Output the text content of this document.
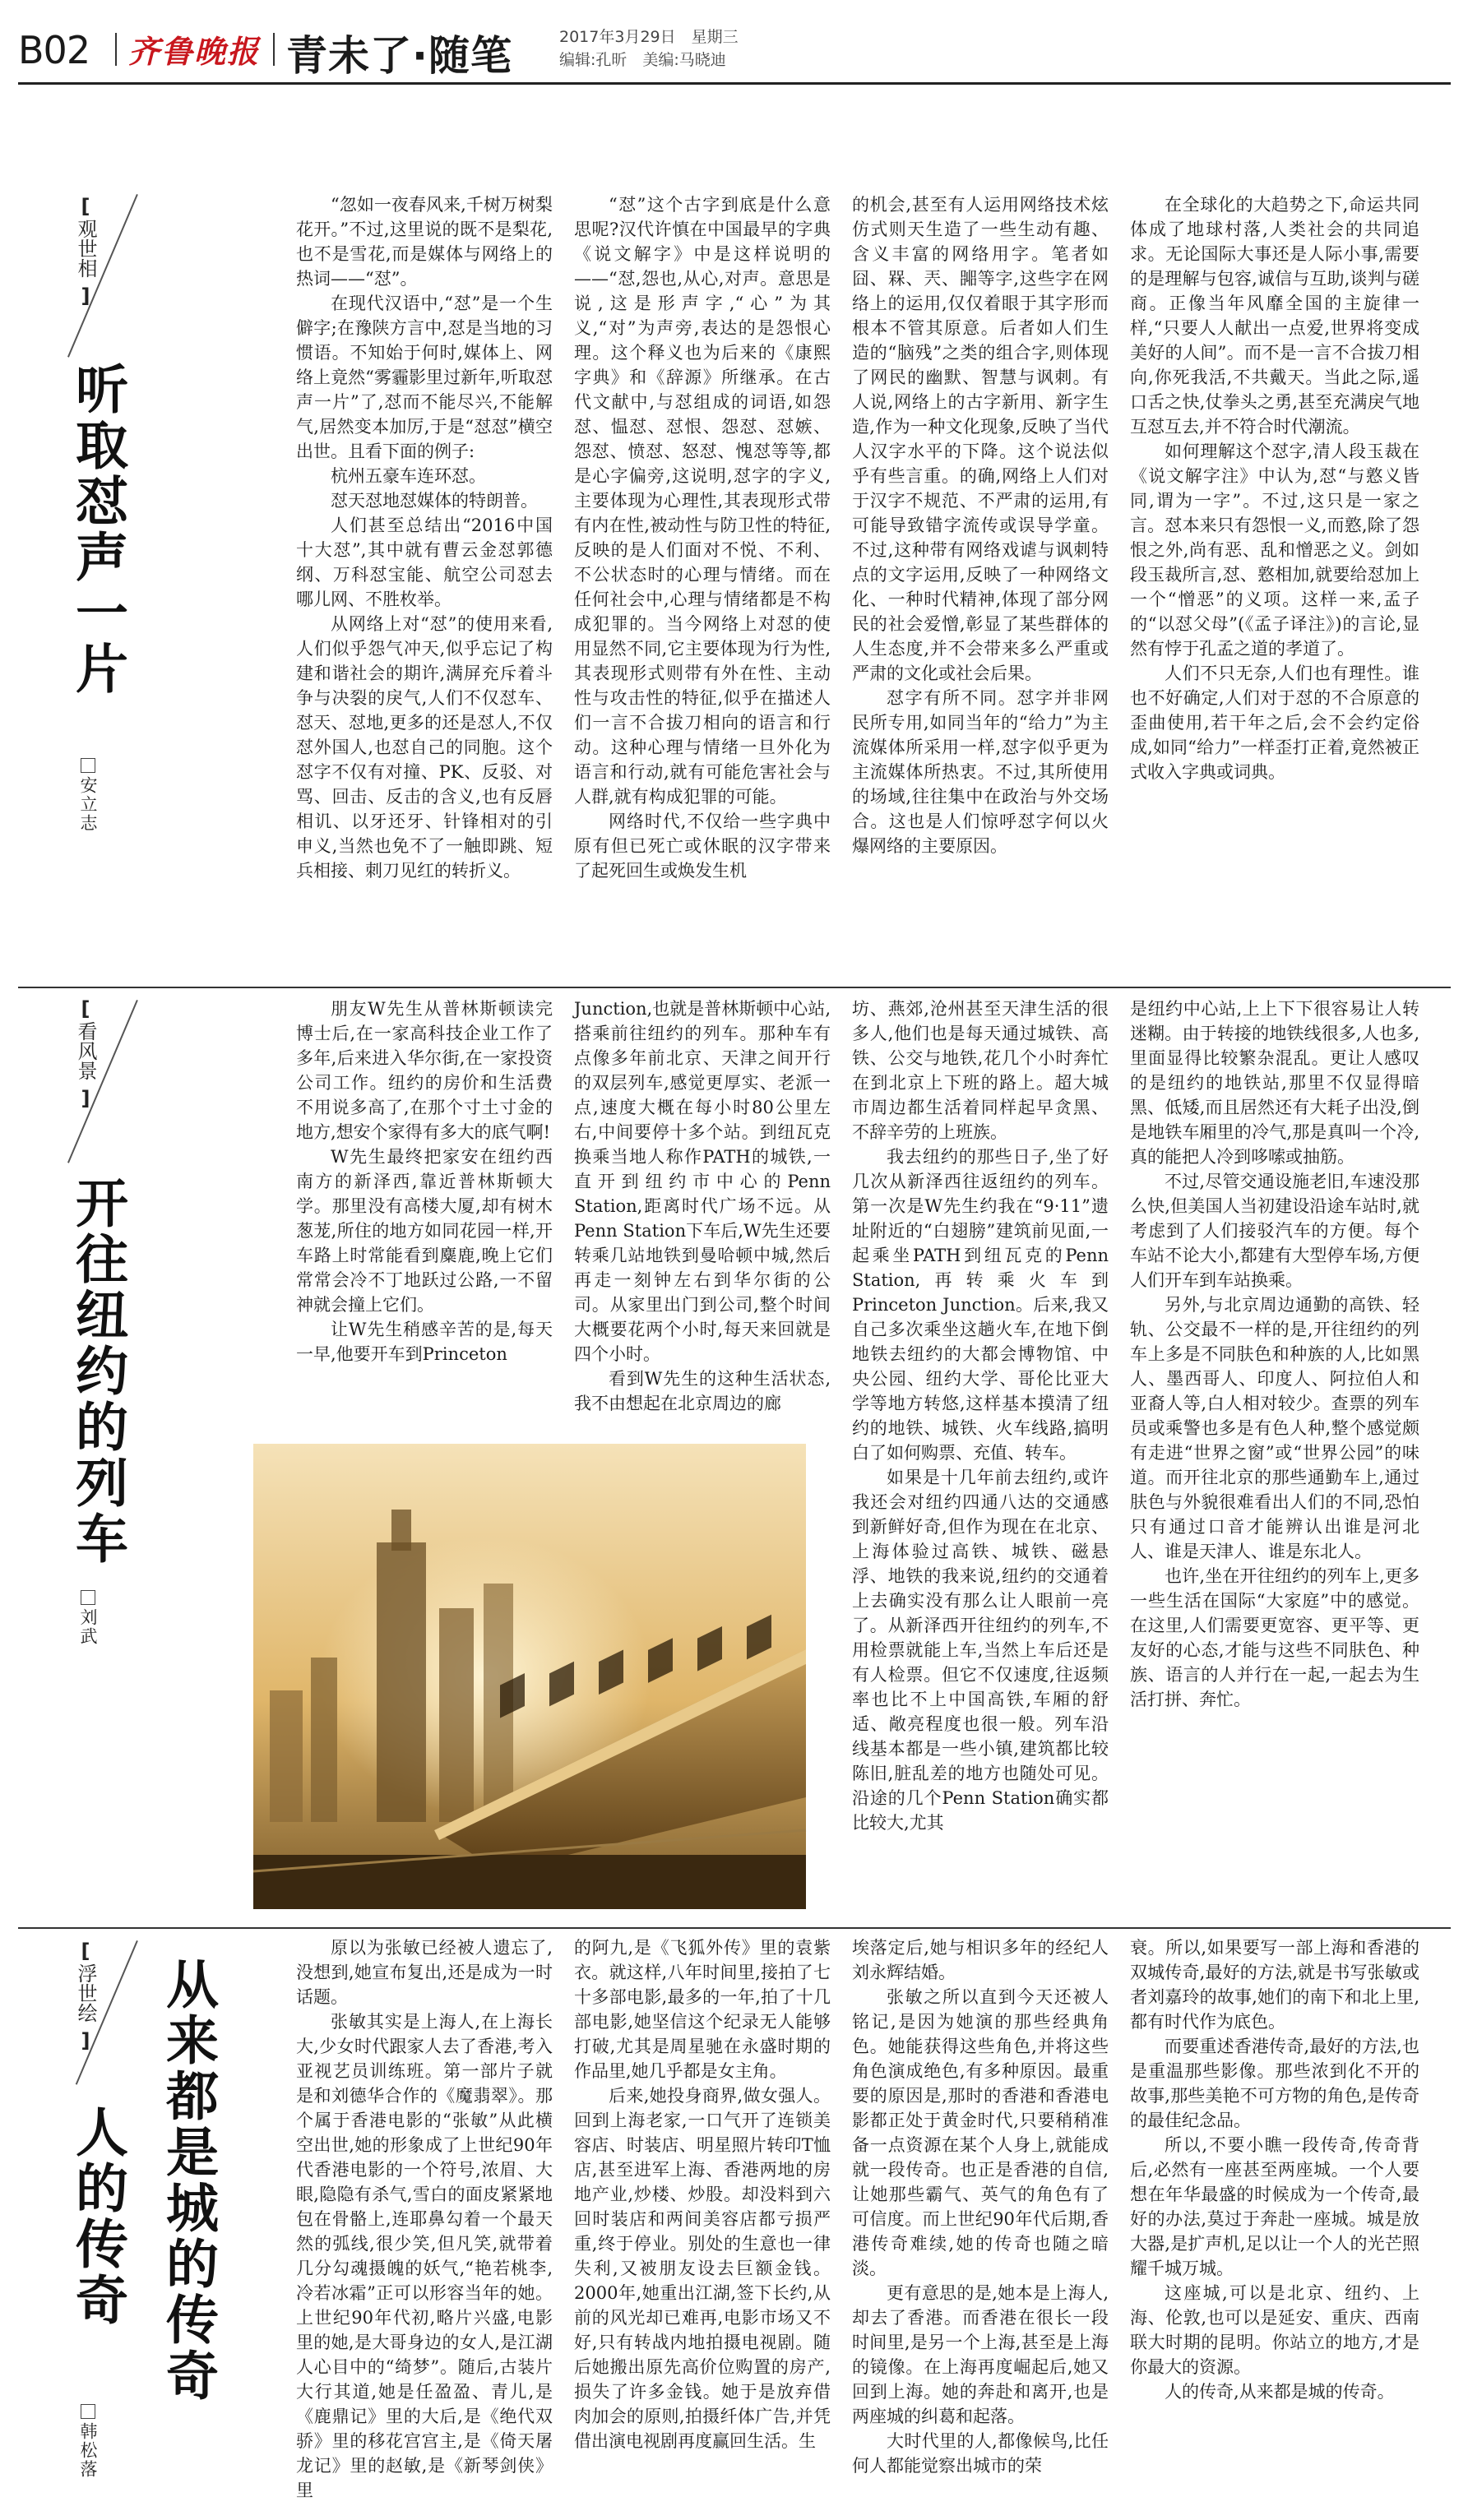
B02 齐鲁晚报 青未了·随笔	2017年3月29日　星期三
编辑:孔昕　美编:马晓迪
[
观世相
]
听取怼声一片
安立志

“忽如一夜春风来,千树万树梨花开。”不过,这里说的既不是梨花,也不是雪花,而是媒体与网络上的热词——“怼”。

在现代汉语中,“怼”是一个生僻字;在豫陕方言中,怼是当地的习惯语。不知始于何时,媒体上、网络上竟然“雾霾影里过新年,听取怼声一片”了,怼而不能尽兴,不能解气,居然变本加厉,于是“怼怼”横空出世。且看下面的例子:

杭州五豪车连环怼。

怼天怼地怼媒体的特朗普。

人们甚至总结出“2016中国十大怼”,其中就有曹云金怼郭德纲、万科怼宝能、航空公司怼去哪儿网、不胜枚举。

从网络上对“怼”的使用来看,人们似乎怨气冲天,似乎忘记了构建和谐社会的期许,满屏充斥着斗争与决裂的戾气,人们不仅怼车、怼天、怼地,更多的还是怼人,不仅怼外国人,也怼自己的同胞。这个怼字不仅有对撞、PK、反驳、对骂、回击、反击的含义,也有反唇相讥、以牙还牙、针锋相对的引申义,当然也免不了一触即跳、短兵相接、刺刀见红的转折义。

“怼”这个古字到底是什么意思呢?汉代许慎在中国最早的字典《说文解字》中是这样说明的——“怼,怨也,从心,对声。意思是说,这是形声字,“心”为其义,“对”为声旁,表达的是怨恨心理。这个释义也为后来的《康熙字典》和《辞源》所继承。在古代文献中,与怼组成的词语,如怨怼、愠怼、怼恨、怨怼、怼嫉、怨怼、愤怼、怒怼、愧怼等等,都是心字偏旁,这说明,怼字的字义,主要体现为心理性,其表现形式带有内在性,被动性与防卫性的特征,反映的是人们面对不悦、不利、不公状态时的心理与情绪。而在任何社会中,心理与情绪都是不构成犯罪的。当今网络上对怼的使用显然不同,它主要体现为行为性,其表现形式则带有外在性、主动性与攻击性的特征,似乎在描述人们一言不合拔刀相向的语言和行动。这种心理与情绪一旦外化为语言和行动,就有可能危害社会与人群,就有构成犯罪的可能。

网络时代,不仅给一些字典中原有但已死亡或休眠的汉字带来了起死回生或焕发生机

的机会,甚至有人运用网络技术炫仿式则天生造了一些生动有趣、含义丰富的网络用字。笔者如囧、槑、兲、嘂等字,这些字在网络上的运用,仅仅着眼于其字形而根本不管其原意。后者如人们生造的“脑残”之类的组合字,则体现了网民的幽默、智慧与讽刺。有人说,网络上的古字新用、新字生造,作为一种文化现象,反映了当代人汉字水平的下降。这个说法似乎有些言重。的确,网络上人们对于汉字不规范、不严肃的运用,有可能导致错字流传或误导学童。不过,这种带有网络戏谑与讽刺特点的文字运用,反映了一种网络文化、一种时代精神,体现了部分网民的社会爱憎,彰显了某些群体的人生态度,并不会带来多么严重或严肃的文化或社会后果。

怼字有所不同。怼字并非网民所专用,如同当年的“给力”为主流媒体所采用一样,怼字似乎更为主流媒体所热衷。不过,其所使用的场域,往往集中在政治与外交场合。这也是人们惊呼怼字何以火爆网络的主要原因。

在全球化的大趋势之下,命运共同体成了地球村落,人类社会的共同追求。无论国际大事还是人际小事,需要的是理解与包容,诚信与互助,谈判与磋商。正像当年风靡全国的主旋律一样,“只要人人献出一点爱,世界将变成美好的人间”。而不是一言不合拔刀相向,你死我活,不共戴天。当此之际,遥口舌之快,仗拳头之勇,甚至充满戾气地互怼互去,并不符合时代潮流。

如何理解这个怼字,清人段玉裁在《说文解字注》中认为,怼“与憝义皆同,谓为一字”。不过,这只是一家之言。怼本来只有怨恨一义,而憝,除了怨恨之外,尚有恶、乱和憎恶之义。剑如段玉裁所言,怼、憝相加,就要给怼加上一个“憎恶”的义项。这样一来,孟子的“以怼父母”(《孟子译注》)的言论,显然有悖于孔孟之道的孝道了。

人们不只无奈,人们也有理性。谁也不好确定,人们对于怼的不合原意的歪曲使用,若干年之后,会不会约定俗成,如同“给力”一样歪打正着,竟然被正式收入字典或词典。

[
看风景
]
开往纽约的列车
刘武

朋友W先生从普林斯顿读完博士后,在一家高科技企业工作了多年,后来进入华尔街,在一家投资公司工作。纽约的房价和生活费不用说多高了,在那个寸土寸金的地方,想安个家得有多大的底气啊!

W先生最终把家安在纽约西南方的新泽西,靠近普林斯顿大学。那里没有高楼大厦,却有树木葱茏,所住的地方如同花园一样,开车路上时常能看到麋鹿,晚上它们常常会冷不丁地跃过公路,一不留神就会撞上它们。

让W先生稍感辛苦的是,每天一早,他要开车到Princeton

Junction,也就是普林斯顿中心站,搭乘前往纽约的列车。那种车有点像多年前北京、天津之间开行的双层列车,感觉更厚实、老派一点,速度大概在每小时80公里左右,中间要停十多个站。到纽瓦克换乘当地人称作PATH的城铁,一直开到纽约市中心的Penn Station,距离时代广场不远。从Penn Station下车后,W先生还要转乘几站地铁到曼哈顿中城,然后再走一刻钟左右到华尔街的公司。从家里出门到公司,整个时间大概要花两个小时,每天来回就是四个小时。

看到W先生的这种生活状态,我不由想起在北京周边的廊

坊、燕郊,沧州甚至天津生活的很多人,他们也是每天通过城铁、高铁、公交与地铁,花几个小时奔忙在到北京上下班的路上。超大城市周边都生活着同样起早贪黑、不辞辛劳的上班族。

我去纽约的那些日子,坐了好几次从新泽西往返纽约的列车。第一次是W先生约我在“9·11”遗址附近的“白翅膀”建筑前见面,一起乘坐PATH到纽瓦克的Penn Station,再转乘火车到Princeton Junction。后来,我又自己多次乘坐这趟火车,在地下倒地铁去纽约的大都会博物馆、中央公园、纽约大学、哥伦比亚大学等地方转悠,这样基本摸清了纽约的地铁、城铁、火车线路,搞明白了如何购票、充值、转车。

如果是十几年前去纽约,或许我还会对纽约四通八达的交通感到新鲜好奇,但作为现在在北京、上海体验过高铁、城铁、磁悬浮、地铁的我来说,纽约的交通着上去确实没有那么让人眼前一亮了。从新泽西开往纽约的列车,不用检票就能上车,当然上车后还是有人检票。但它不仅速度,往返频率也比不上中国高铁,车厢的舒适、敞亮程度也很一般。列车沿线基本都是一些小镇,建筑都比较陈旧,脏乱差的地方也随处可见。沿途的几个Penn Station确实都比较大,尤其

是纽约中心站,上上下下很容易让人转迷糊。由于转接的地铁线很多,人也多,里面显得比较繁杂混乱。更让人感叹的是纽约的地铁站,那里不仅显得暗黑、低矮,而且居然还有大耗子出没,倒是地铁车厢里的冷气,那是真叫一个冷,真的能把人冷到哆嗦或抽筋。

不过,尽管交通设施老旧,车速没那么快,但美国人当初建设沿途车站时,就考虑到了人们接驳汽车的方便。每个车站不论大小,都建有大型停车场,方便人们开车到车站换乘。

另外,与北京周边通勤的高铁、轻轨、公交最不一样的是,开往纽约的列车上多是不同肤色和种族的人,比如黑人、墨西哥人、印度人、阿拉伯人和亚裔人等,白人相对较少。查票的列车员或乘警也多是有色人种,整个感觉颇有走进“世界之窗”或“世界公园”的味道。而开往北京的那些通勤车上,通过肤色与外貌很难看出人们的不同,恐怕只有通过口音才能辨认出谁是河北人、谁是天津人、谁是东北人。

也许,坐在开往纽约的列车上,更多一些生活在国际“大家庭”中的感觉。在这里,人们需要更宽容、更平等、更友好的心态,才能与这些不同肤色、种族、语言的人并行在一起,一起去为生活打拼、奔忙。

[
浮世绘
] 从来都是城的传奇
人的传奇
韩松落

原以为张敏已经被人遗忘了,没想到,她宣布复出,还是成为一时话题。

张敏其实是上海人,在上海长大,少女时代跟家人去了香港,考入亚视艺员训练班。第一部片子就是和刘德华合作的《魔翡翠》。那个属于香港电影的“张敏”从此横空出世,她的形象成了上世纪90年代香港电影的一个符号,浓眉、大眼,隐隐有杀气,雪白的面皮紧紧地包在骨骼上,连耶鼻勾着一个最天然的弧线,很少笑,但凡笑,就带着几分勾魂摄魄的妖气,“艳若桃李,冷若冰霜”正可以形容当年的她。上世纪90年代初,略片兴盛,电影里的她,是大哥身边的女人,是江湖人心目中的“绮梦”。随后,古装片大行其道,她是任盈盈、青儿,是《鹿鼎记》里的大后,是《绝代双骄》里的移花宫宫主,是《倚天屠龙记》里的赵敏,是《新琴剑侠》里

的阿九,是《飞狐外传》里的袁紫衣。就这样,八年时间里,接拍了七十多部电影,最多的一年,拍了十几部电影,她坚信这个纪录无人能够打破,尤其是周星驰在永盛时期的作品里,她几乎都是女主角。

后来,她投身商界,做女强人。回到上海老家,一口气开了连锁美容店、时装店、明星照片转印T恤店,甚至进军上海、香港两地的房地产业,炒楼、炒股。却没料到六回时装店和两间美容店都亏损严重,终于停业。别处的生意也一律失利,又被朋友设去巨额金钱。2000年,她重出江湖,签下长约,从前的风光却已难再,电影市场又不好,只有转战内地拍摄电视剧。随后她搬出原先高价位购置的房产,损失了许多金钱。她于是放弃借肉加会的原则,拍摄纤体广告,并凭借出演电视剧再度赢回生活。生

埃落定后,她与相识多年的经纪人刘永辉结婚。

张敏之所以直到今天还被人铭记,是因为她演的那些经典角色。她能获得这些角色,并将这些角色演成绝色,有多种原因。最重要的原因是,那时的香港和香港电影都正处于黄金时代,只要稍稍准备一点资源在某个人身上,就能成就一段传奇。也正是香港的自信,让她那些霸气、英气的角色有了可信度。而上世纪90年代后期,香港传奇难续,她的传奇也随之暗淡。

更有意思的是,她本是上海人,却去了香港。而香港在很长一段时间里,是另一个上海,甚至是上海的镜像。在上海再度崛起后,她又回到上海。她的奔赴和离开,也是两座城的纠葛和起落。

大时代里的人,都像候鸟,比任何人都能觉察出城市的荣

衰。所以,如果要写一部上海和香港的双城传奇,最好的方法,就是书写张敏或者刘嘉玲的故事,她们的南下和北上里,都有时代作为底色。

而要重述香港传奇,最好的方法,也是重温那些影像。那些浓到化不开的故事,那些美艳不可方物的角色,是传奇的最佳纪念品。

所以,不要小瞧一段传奇,传奇背后,必然有一座甚至两座城。一个人要想在年华最盛的时候成为一个传奇,最好的办法,莫过于奔赴一座城。城是放大器,是扩声机,足以让一个人的光芒照耀千城万城。

这座城,可以是北京、纽约、上海、伦敦,也可以是延安、重庆、西南联大时期的昆明。你站立的地方,才是你最大的资源。

人的传奇,从来都是城的传奇。
